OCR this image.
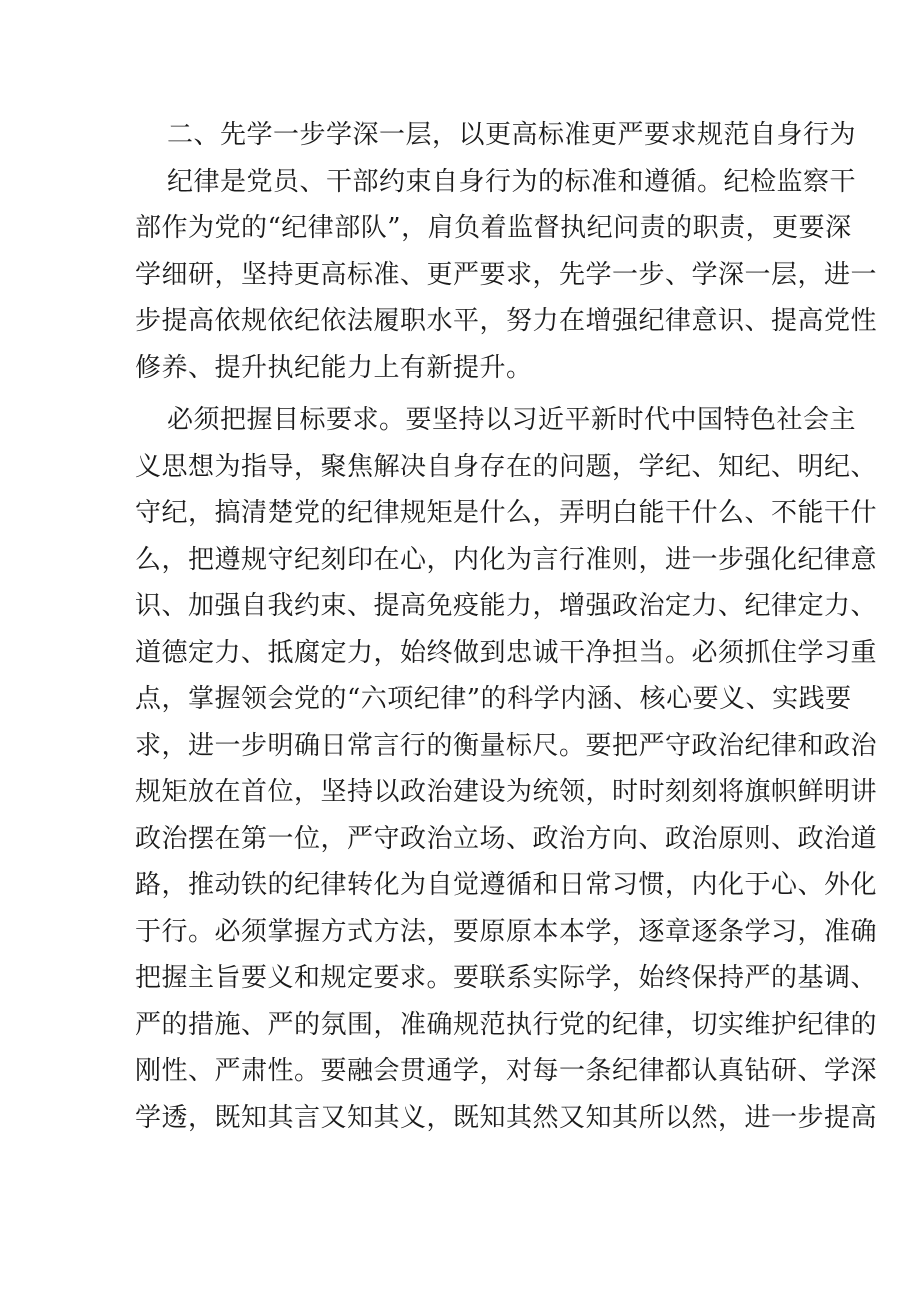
二、先学一步学深一层，以更高标准更严要求规范自身行为
纪律是党员、干部约束自身行为的标准和遵循。纪检监察干
部作为党的“纪律部队”，肩负着监督执纪问责的职责，更要深
学细研，坚持更高标准、更严要求，先学一步、学深一层，进一
步提高依规依纪依法履职水平，努力在增强纪律意识、提高党性
修养、提升执纪能力上有新提升。
必须把握目标要求。要坚持以习近平新时代中国特色社会主
义思想为指导，聚焦解决自身存在的问题，学纪、知纪、明纪、
守纪，搞清楚党的纪律规矩是什么，弄明白能干什么、不能干什
么，把遵规守纪刻印在心，内化为言行准则，进一步强化纪律意
识、加强自我约束、提高免疫能力，增强政治定力、纪律定力、
道德定力、抵腐定力，始终做到忠诚干净担当。必须抓住学习重
点，掌握领会党的“六项纪律”的科学内涵、核心要义、实践要
求，进一步明确日常言行的衡量标尺。要把严守政治纪律和政治
规矩放在首位，坚持以政治建设为统领，时时刻刻将旗帜鲜明讲
政治摆在第一位，严守政治立场、政治方向、政治原则、政治道
路，推动铁的纪律转化为自觉遵循和日常习惯，内化于心、外化
于行。必须掌握方式方法，要原原本本学，逐章逐条学习，准确
把握主旨要义和规定要求。要联系实际学，始终保持严的基调、
严的措施、严的氛围，准确规范执行党的纪律，切实维护纪律的
刚性、严肃性。要融会贯通学，对每一条纪律都认真钻研、学深
学透，既知其言又知其义，既知其然又知其所以然，进一步提高
